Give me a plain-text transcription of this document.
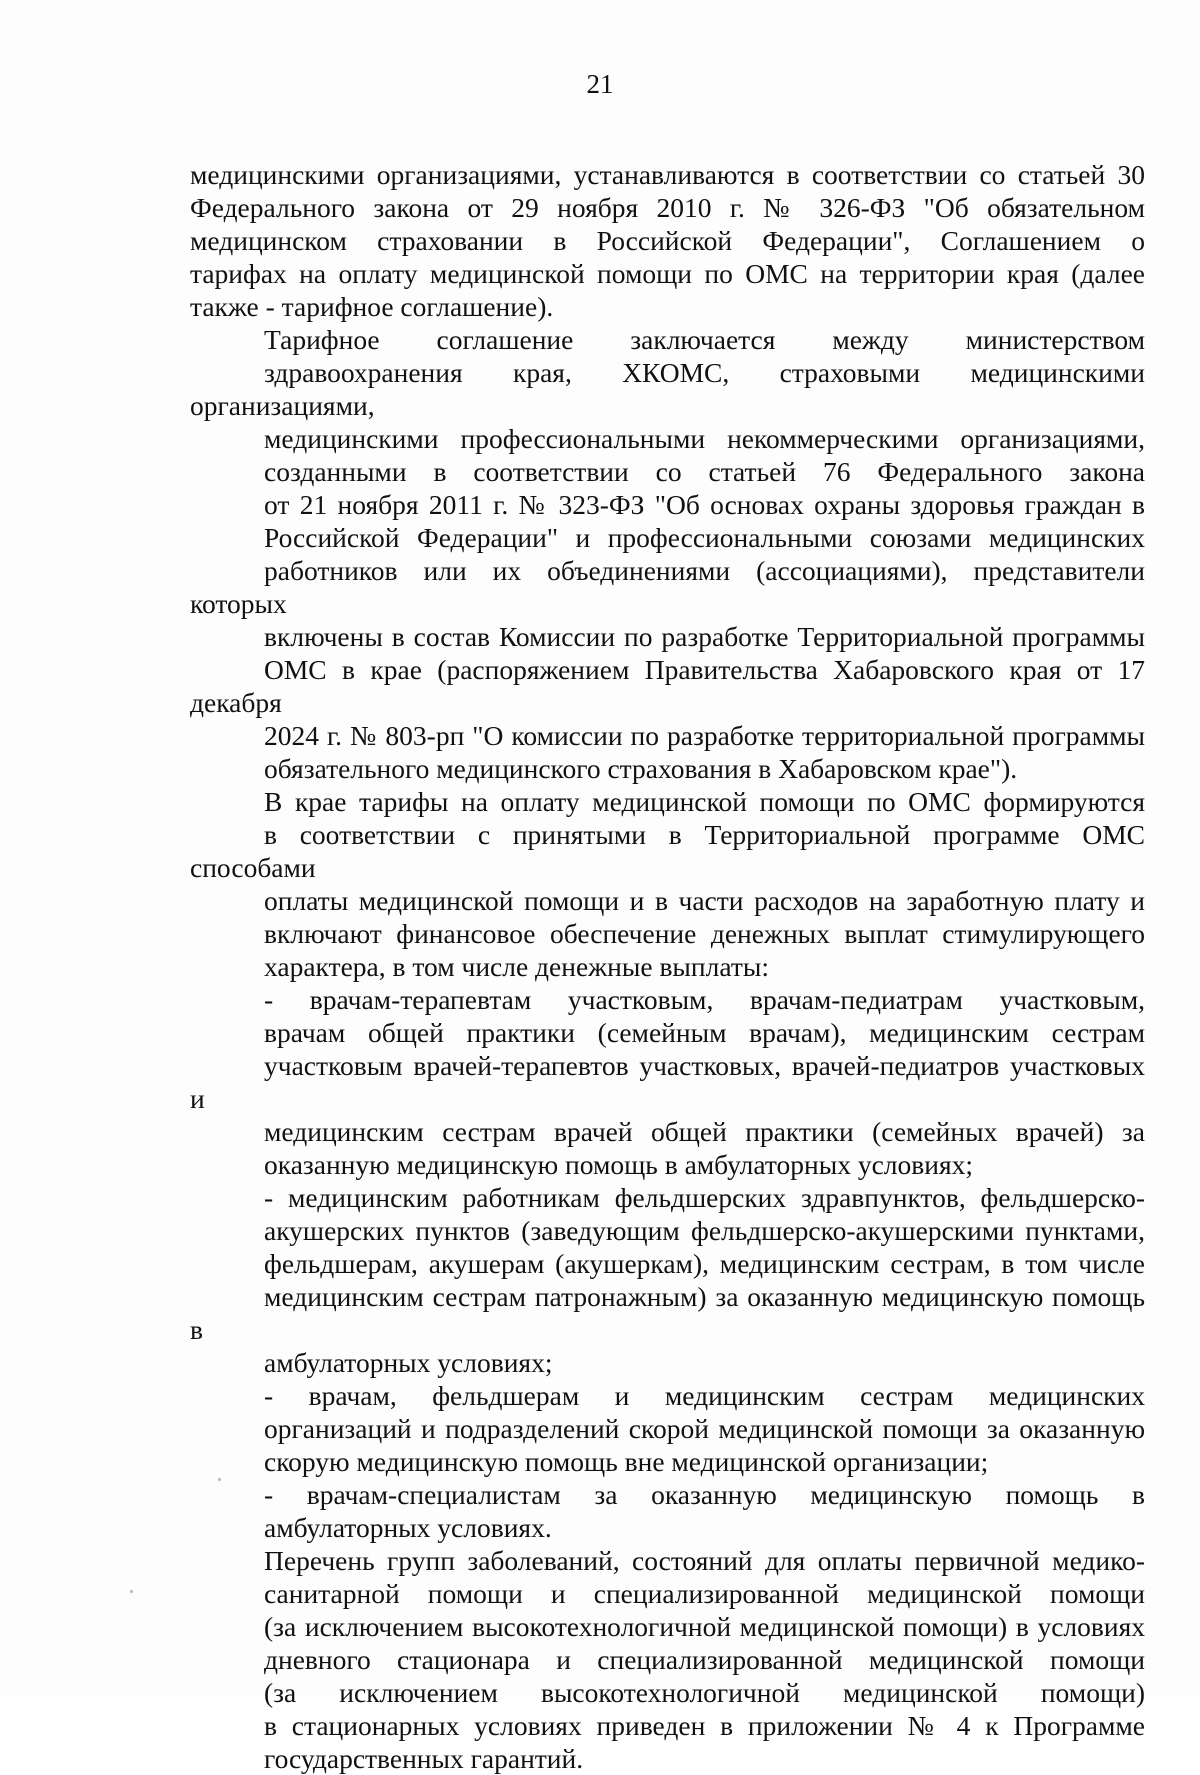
21

медицинскими организациями, устанавливаются в соответствии со статьей 30
Федерального закона от 29 ноября 2010 г. № 326-ФЗ "Об обязательном
медицинском страховании в Российской Федерации", Соглашением о
тарифах на оплату медицинской помощи по ОМС на территории края (далее
также - тарифное соглашение).

Тарифное соглашение заключается между министерством
здравоохранения края, ХКОМС, страховыми медицинскими организациями,
медицинскими профессиональными некоммерческими организациями,
созданными в соответствии со статьей 76 Федерального закона
от 21 ноября 2011 г. № 323-ФЗ "Об основах охраны здоровья граждан в
Российской Федерации" и профессиональными союзами медицинских
работников или их объединениями (ассоциациями), представители которых
включены в состав Комиссии по разработке Территориальной программы
ОМС в крае (распоряжением Правительства Хабаровского края от 17 декабря
2024 г. № 803-рп "О комиссии по разработке территориальной программы
обязательного медицинского страхования в Хабаровском крае").

В крае тарифы на оплату медицинской помощи по ОМС формируются
в соответствии с принятыми в Территориальной программе ОМС способами
оплаты медицинской помощи и в части расходов на заработную плату и
включают финансовое обеспечение денежных выплат стимулирующего
характера, в том числе денежные выплаты:

- врачам-терапевтам участковым, врачам-педиатрам участковым,
врачам общей практики (семейным врачам), медицинским сестрам
участковым врачей-терапевтов участковых, врачей-педиатров участковых и
медицинским сестрам врачей общей практики (семейных врачей) за
оказанную медицинскую помощь в амбулаторных условиях;

- медицинским работникам фельдшерских здравпунктов, фельдшерско-
акушерских пунктов (заведующим фельдшерско-акушерскими пунктами,
фельдшерам, акушерам (акушеркам), медицинским сестрам, в том числе
медицинским сестрам патронажным) за оказанную медицинскую помощь в
амбулаторных условиях;

- врачам, фельдшерам и медицинским сестрам медицинских
организаций и подразделений скорой медицинской помощи за оказанную
скорую медицинскую помощь вне медицинской организации;

- врачам-специалистам за оказанную медицинскую помощь в
амбулаторных условиях.

Перечень групп заболеваний, состояний для оплаты первичной медико-
санитарной помощи и специализированной медицинской помощи
(за исключением высокотехнологичной медицинской помощи) в условиях
дневного стационара и специализированной медицинской помощи
(за исключением высокотехнологичной медицинской помощи)
в стационарных условиях приведен в приложении № 4 к Программе
государственных гарантий.
